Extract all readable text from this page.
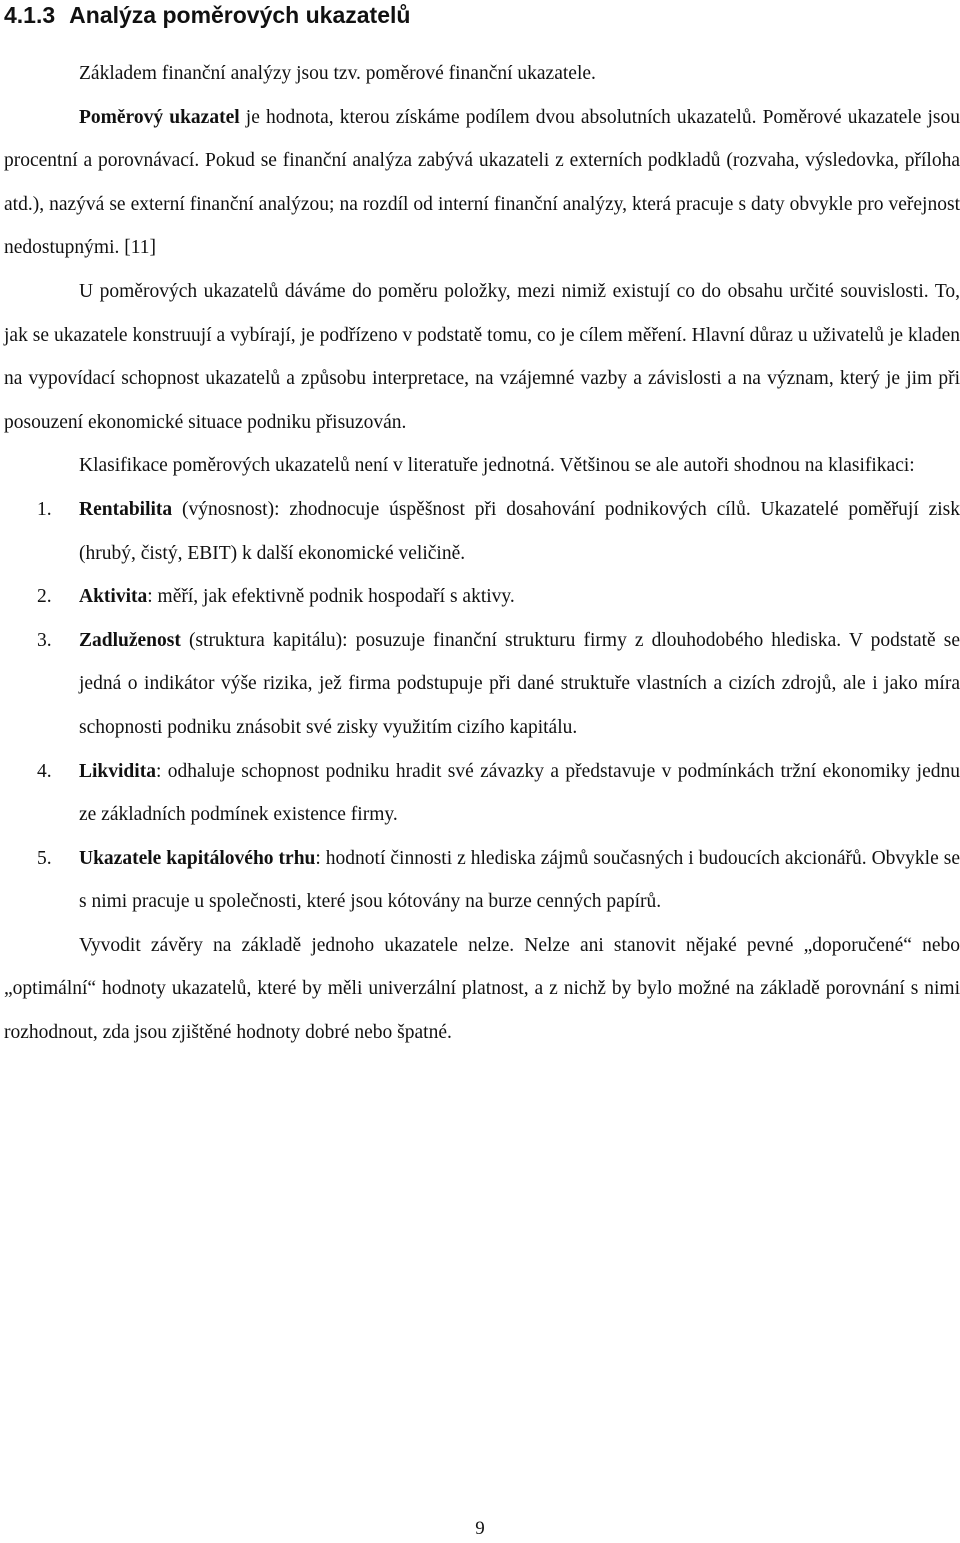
4.1.3 Analýza poměrových ukazatelů

Základem finanční analýzy jsou tzv. poměrové finanční ukazatele.

Poměrový ukazatel je hodnota, kterou získáme podílem dvou absolutních ukazatelů. Poměrové ukazatele jsou procentní a porovnávací. Pokud se finanční analýza zabývá ukazateli z externích podkladů (rozvaha, výsledovka, příloha atd.), nazývá se externí finanční analýzou; na rozdíl od interní finanční analýzy, která pracuje s daty obvykle pro veřejnost nedostupnými. [11]

U poměrových ukazatelů dáváme do poměru položky, mezi nimiž existují co do obsahu určité souvislosti. To, jak se ukazatele konstruují a vybírají, je podřízeno v podstatě tomu, co je cílem měření. Hlavní důraz u uživatelů je kladen na vypovídací schopnost ukazatelů a způsobu interpretace, na vzájemné vazby a závislosti a na význam, který je jim při posouzení ekonomické situace podniku přisuzován.

Klasifikace poměrových ukazatelů není v literatuře jednotná. Většinou se ale autoři shodnou na klasifikaci:

1. Rentabilita (výnosnost): zhodnocuje úspěšnost při dosahování podnikových cílů. Ukazatelé poměřují zisk (hrubý, čistý, EBIT) k další ekonomické veličině.
2. Aktivita: měří, jak efektivně podnik hospodaří s aktivy.
3. Zadluženost (struktura kapitálu): posuzuje finanční strukturu firmy z dlouhodobého hlediska. V podstatě se jedná o indikátor výše rizika, jež firma podstupuje při dané struktuře vlastních a cizích zdrojů, ale i jako míra schopnosti podniku znásobit své zisky využitím cizího kapitálu.
4. Likvidita: odhaluje schopnost podniku hradit své závazky a představuje v podmínkách tržní ekonomiky jednu ze základních podmínek existence firmy.
5. Ukazatele kapitálového trhu: hodnotí činnosti z hlediska zájmů současných i budoucích akcionářů. Obvykle se s nimi pracuje u společnosti, které jsou kótovány na burze cenných papírů.

Vyvodit závěry na základě jednoho ukazatele nelze. Nelze ani stanovit nějaké pevné „doporučené“ nebo „optimální“ hodnoty ukazatelů, které by měli univerzální platnost, a z nichž by bylo možné na základě porovnání s nimi rozhodnout, zda jsou zjištěné hodnoty dobré nebo špatné.

9
